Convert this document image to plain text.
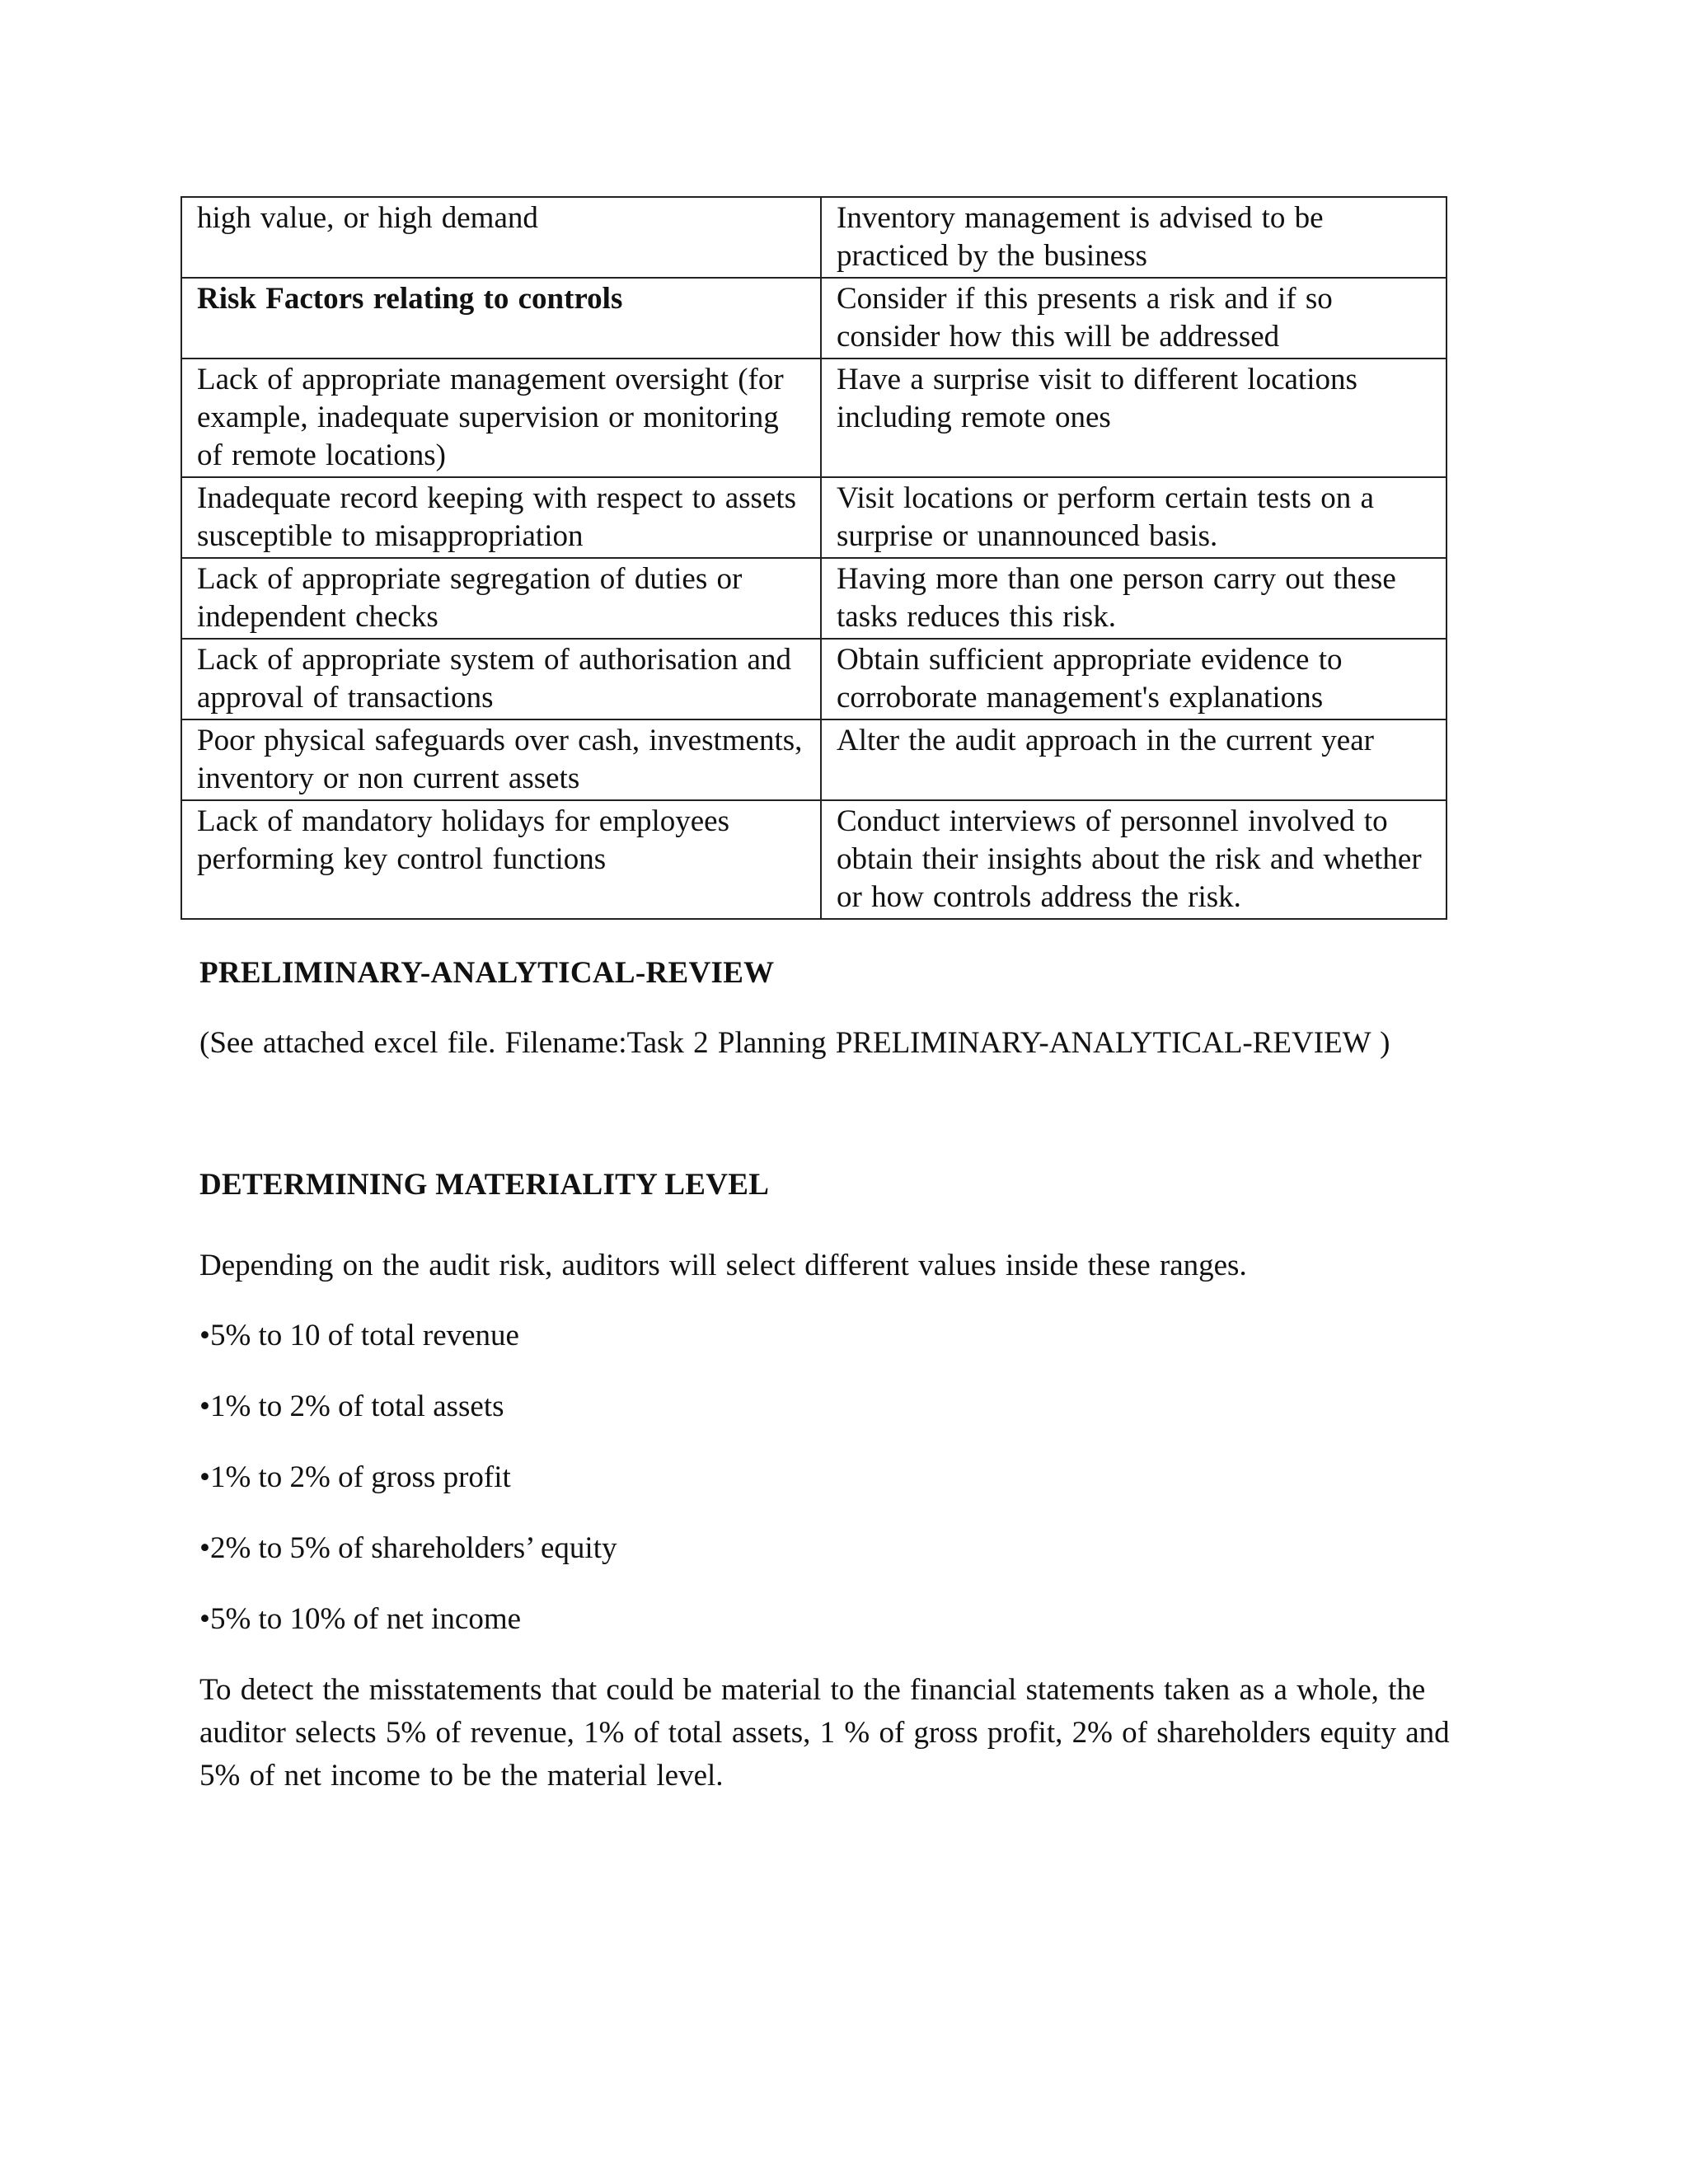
high value, or high demand	Inventory management is advised to be practiced by the business
Risk Factors relating to controls	Consider if this presents a risk and if so consider how this will be addressed
Lack of appropriate management oversight (for example, inadequate supervision or monitoring of remote locations)	Have a surprise visit to different locations including remote ones
Inadequate record keeping with respect to assets susceptible to misappropriation	Visit locations or perform certain tests on a surprise or unannounced basis.
Lack of appropriate segregation of duties or independent checks	Having more than one person carry out these tasks reduces this risk.
Lack of appropriate system of authorisation and approval of transactions	Obtain sufficient appropriate evidence to corroborate management's explanations
Poor physical safeguards over cash, investments, inventory or non current assets	Alter the audit approach in the current year
Lack of mandatory holidays for employees performing key control functions	Conduct interviews of personnel involved to obtain their insights about the risk and whether or how controls address the risk.
PRELIMINARY-ANALYTICAL-REVIEW
(See attached excel file. Filename:Task 2 Planning PRELIMINARY-ANALYTICAL-REVIEW )
DETERMINING MATERIALITY LEVEL
Depending on the audit risk, auditors will select different values inside these ranges.
•5% to 10 of total revenue
•1% to 2% of total assets
•1% to 2% of gross profit
•2% to 5% of shareholders’ equity
•5% to 10% of net income
To detect the misstatements that could be material to the financial statements taken as a whole, the auditor selects 5% of revenue, 1% of total assets, 1 % of gross profit, 2% of shareholders equity and 5% of net income to be the material level.
